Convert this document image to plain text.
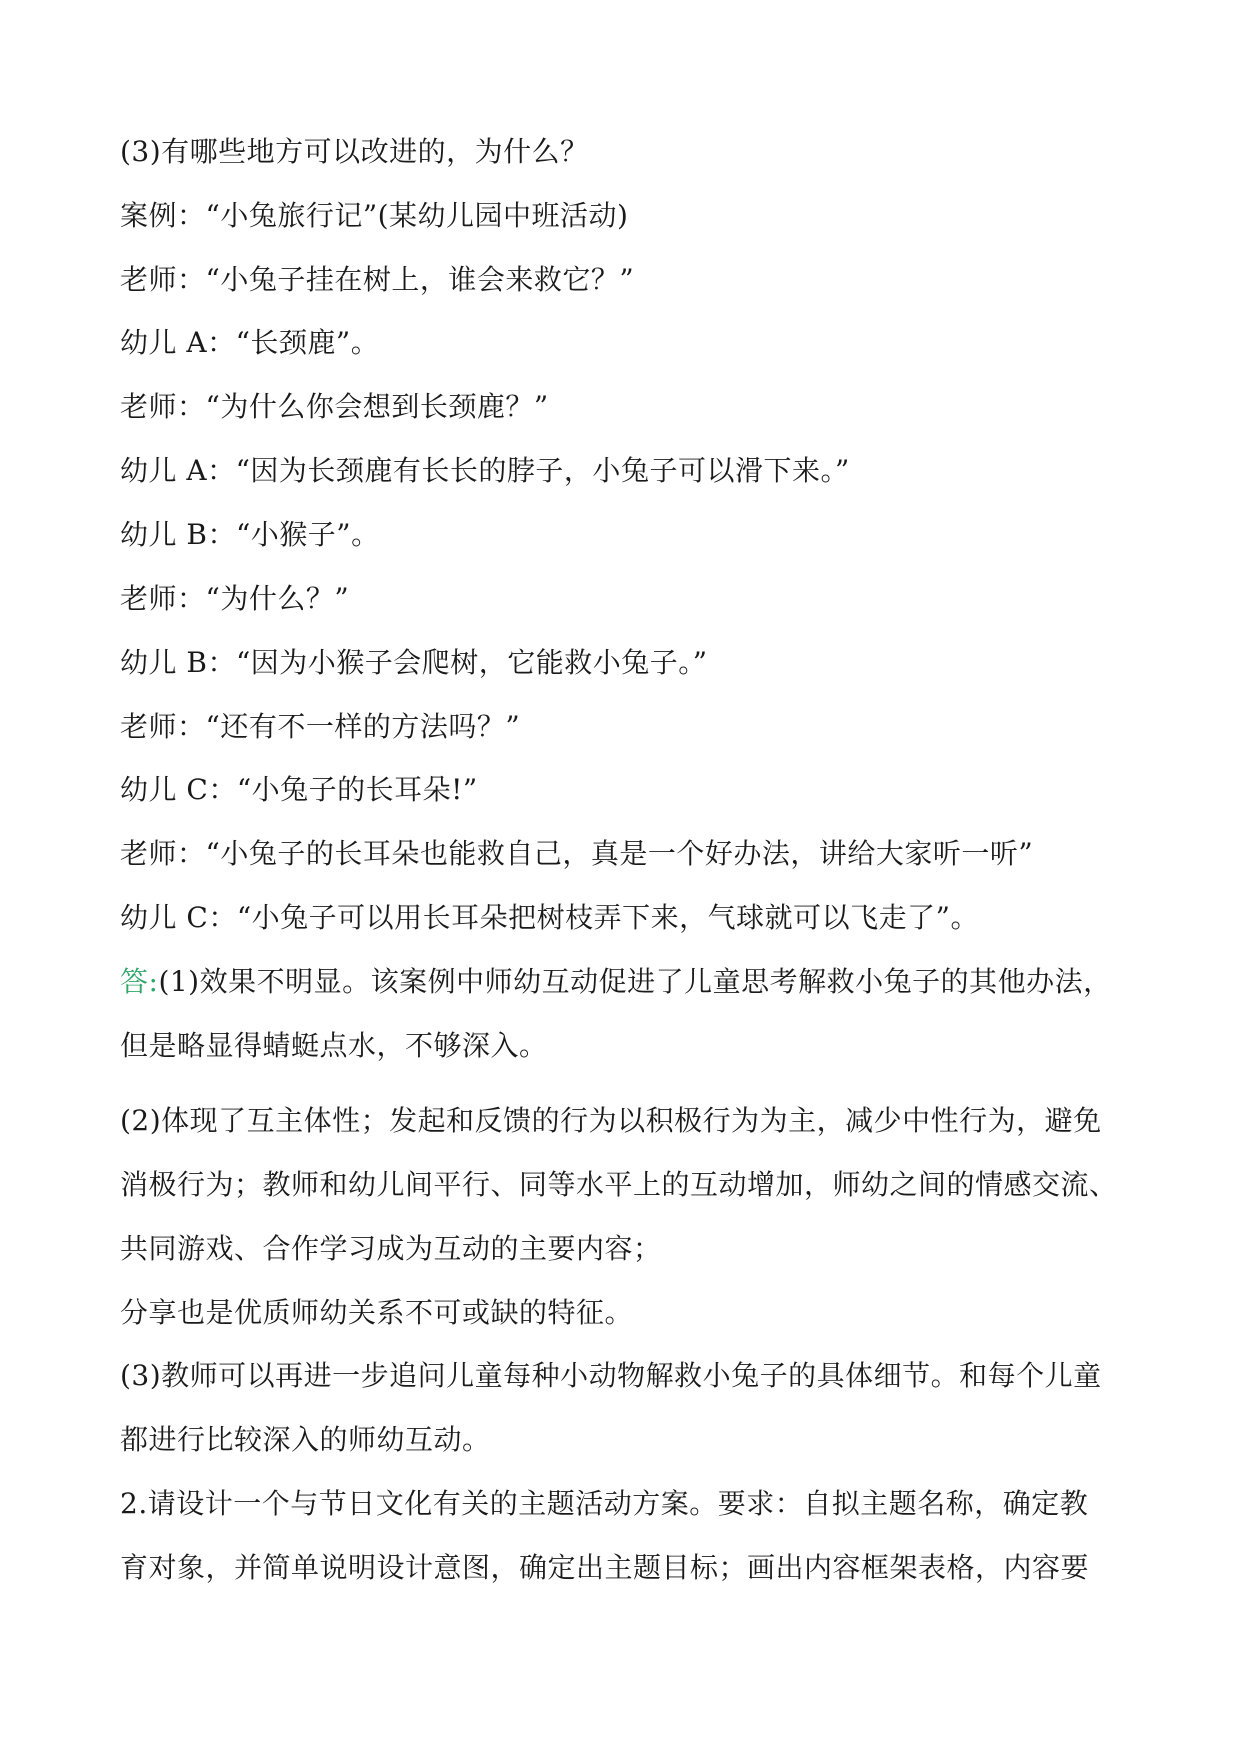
(3)有哪些地方可以改进的，为什么？
案例：“小兔旅行记”(某幼儿园中班活动)
老师：“小兔子挂在树上，谁会来救它？”
幼儿 A：“长颈鹿”。
老师：“为什么你会想到长颈鹿？”
幼儿 A：“因为长颈鹿有长长的脖子，小兔子可以滑下来。”
幼儿 B：“小猴子”。
老师：“为什么？”
幼儿 B：“因为小猴子会爬树，它能救小兔子。”
老师：“还有不一样的方法吗？”
幼儿 C：“小兔子的长耳朵!”
老师：“小兔子的长耳朵也能救自己，真是一个好办法，讲给大家听一听”
幼儿 C：“小兔子可以用长耳朵把树枝弄下来，气球就可以飞走了”。
答:(1)效果不明显。该案例中师幼互动促进了儿童思考解救小兔子的其他办法，
但是略显得蜻蜓点水，不够深入。
(2)体现了互主体性；发起和反馈的行为以积极行为为主，减少中性行为，避免
消极行为；教师和幼儿间平行、同等水平上的互动增加，师幼之间的情感交流、
共同游戏、合作学习成为互动的主要内容；
分享也是优质师幼关系不可或缺的特征。
(3)教师可以再进一步追问儿童每种小动物解救小兔子的具体细节。和每个儿童
都进行比较深入的师幼互动。
2.请设计一个与节日文化有关的主题活动方案。要求：自拟主题名称，确定教
育对象，并简单说明设计意图，确定出主题目标；画出内容框架表格，内容要
